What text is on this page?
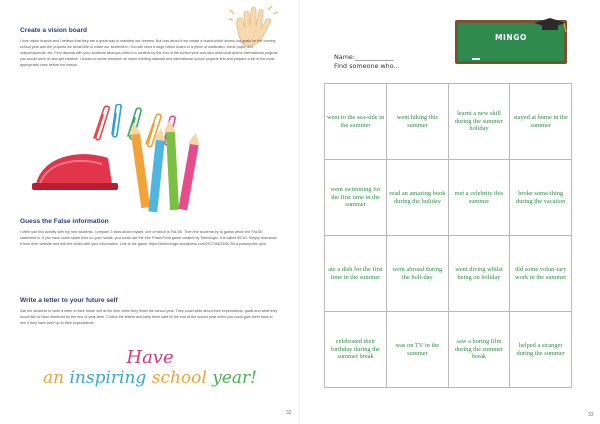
Create a vision board

I love vision boards and I believe that they are a great way to manifest our dreams. But how about if we create a board which shows our goals for the coming school year and the projects we would like to make our students in. You will need a large notice board or a piece of cardboard, some paper and crayons/pencils, etc. First discuss with your students what you intend to achieve by the end of the school year and also what local and/or international projects you would work on and get creative. I would do some research on some exciting national and international school projects first and prepare a list of the most appropriate ones before the lesson.

Guess the False information

I often use this activity with my new students. I prepare 3 facts about myself, one of which is FALSE. Then the students try to guess which the FALSE statement is. If you have some spare time on your hands, you could use the free PowerPoint game created by Teknologic. It is called 50-50. Simply download it from their website and edit the slides with your information. Link to the game: https://tekhnologic.wordpress.com/2017/06/23/50-50-a-powerpoint-quiz/

Write a letter to your future self

Ask the students to write a letter to their future self at the time when they finish the school year. They could write about their expectations, goals and what they would like to have achieved by the end of year-term. Collect the letters and keep them safe till the end of the school year when you could give them back to see if they have lived up to their expectations.

Have
an inspiring school year!
32
MINGO
Name:____________
Find someone who...
went to the sea-side in the summer	went hiking this summer	learnt a new skill during the summer holiday	stayed at home in the summer
went swimming for the first time in the summer	read an amazing book during the holiday	met a celebrity this summer	broke some-thing during the vacation
ate a dish for the first time in the summer	went abroad during the holi-day	went diving whilst being on holiday	did some volun-tary work in the summer
celebrated their birthday during the summer break	was on TV in the summer	saw a boring film during the summer break	helped a stranger during the summer
33
